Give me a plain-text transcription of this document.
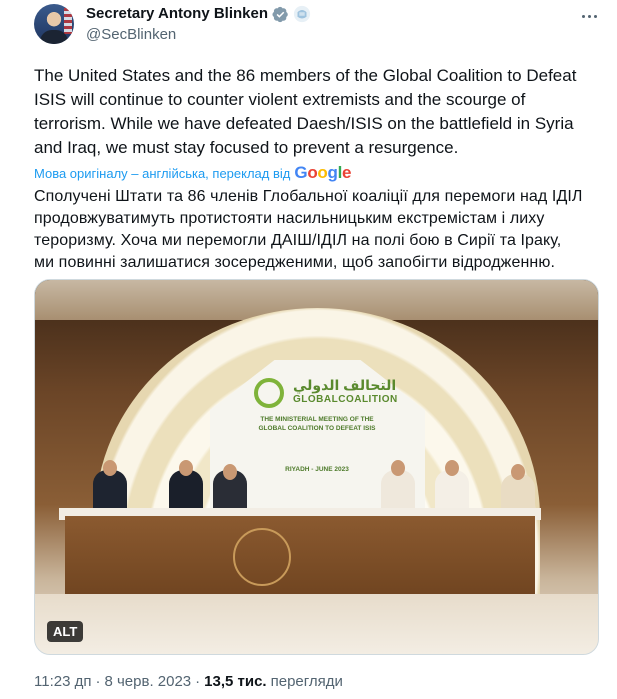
Secretary Antony Blinken
@SecBlinken
The United States and the 86 members of the Global Coalition to Defeat
ISIS will continue to counter violent extremists and the scourge of
terrorism. While we have defeated Daesh/ISIS on the battlefield in Syria
and Iraq, we must stay focused to prevent a resurgence.
Мова оригіналу – англійська, переклад від Google
Сполучені Штати та 86 членів Глобальної коаліції для перемоги над ІДІЛ
продовжуватимуть протистояти насильницьким екстремістам і лиху
тероризму. Хоча ми перемогли ДАІШ/ІДІЛ на полі бою в Сирії та Іраку,
ми повинні залишатися зосередженими, щоб запобігти відродженню.
التحالف الدولي
GLOBALCOALITION
THE MINISTERIAL MEETING OF THE
GLOBAL COALITION TO DEFEAT ISIS
RIYADH - JUNE 2023
ALT
11:23 дп · 8 черв. 2023 · 13,5 тис. перегляди
